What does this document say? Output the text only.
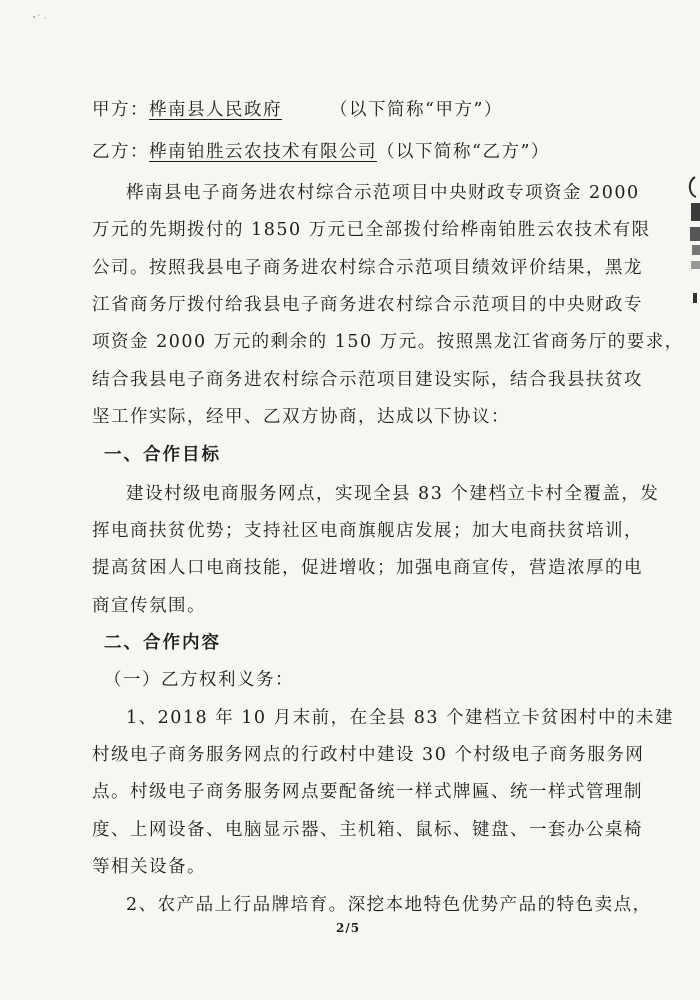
甲方：桦南县人民政府	（以下简称“甲方”）
乙方：桦南铂胜云农技术有限公司（以下简称“乙方”）
桦南县电子商务进农村综合示范项目中央财政专项资金 2000
万元的先期拨付的 1850 万元已全部拨付给桦南铂胜云农技术有限
公司。按照我县电子商务进农村综合示范项目绩效评价结果，黑龙
江省商务厅拨付给我县电子商务进农村综合示范项目的中央财政专
项资金 2000 万元的剩余的 150 万元。按照黑龙江省商务厅的要求，
结合我县电子商务进农村综合示范项目建设实际，结合我县扶贫攻
坚工作实际，经甲、乙双方协商，达成以下协议：
一、合作目标
建设村级电商服务网点，实现全县 83 个建档立卡村全覆盖，发
挥电商扶贫优势；支持社区电商旗舰店发展；加大电商扶贫培训，
提高贫困人口电商技能，促进增收；加强电商宣传，营造浓厚的电
商宣传氛围。
二、合作内容
（一）乙方权利义务：
1、2018 年 10 月末前，在全县 83 个建档立卡贫困村中的未建
村级电子商务服务网点的行政村中建设 30 个村级电子商务服务网
点。村级电子商务服务网点要配备统一样式牌匾、统一样式管理制
度、上网设备、电脑显示器、主机箱、鼠标、键盘、一套办公桌椅
等相关设备。
2、农产品上行品牌培育。深挖本地特色优势产品的特色卖点，
2/5
